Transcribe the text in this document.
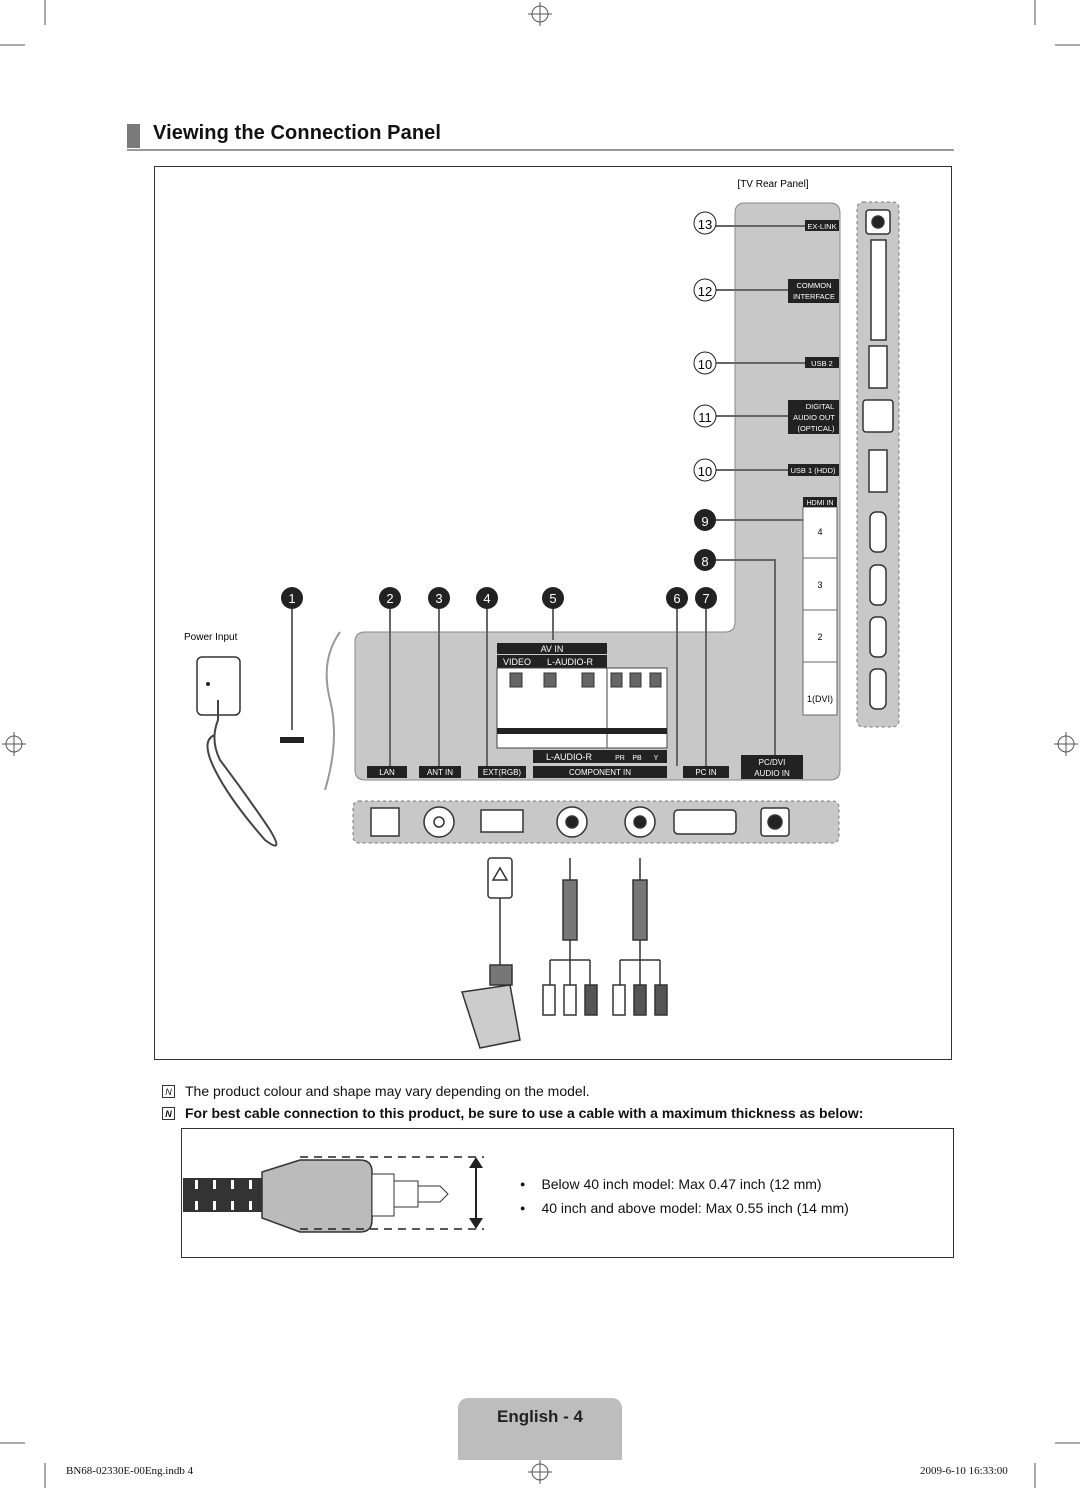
Viewing the Connection Panel
HDMI IN
4
3
2
1(DVI)
EX-LINK
COMMON
INTERFACE
USB 2
DIGITAL
AUDIO OUT
(OPTICAL)
USB 1 (HDD)
13
12
10
11
10
9
8
1	2	3	4	5	6 7
Power Input
AV IN
VIDEO L-AUDIO-R
L-AUDIO-R	PR PB Y
LAN	ANT IN	EXT(RGB)	COMPONENT IN	PC IN
PC/DVI
AUDIO IN
[TV Rear Panel]
N The product colour and shape may vary depending on the model.
N For best cable connection to this product, be sure to use a cable with a maximum thickness as below:
● Below 40 inch model: Max 0.47 inch (12 mm)
● 40 inch and above model: Max 0.55 inch (14 mm)
English - 4
BN68-02330E-00Eng.indb 4	2009-6-10 16:33:00
